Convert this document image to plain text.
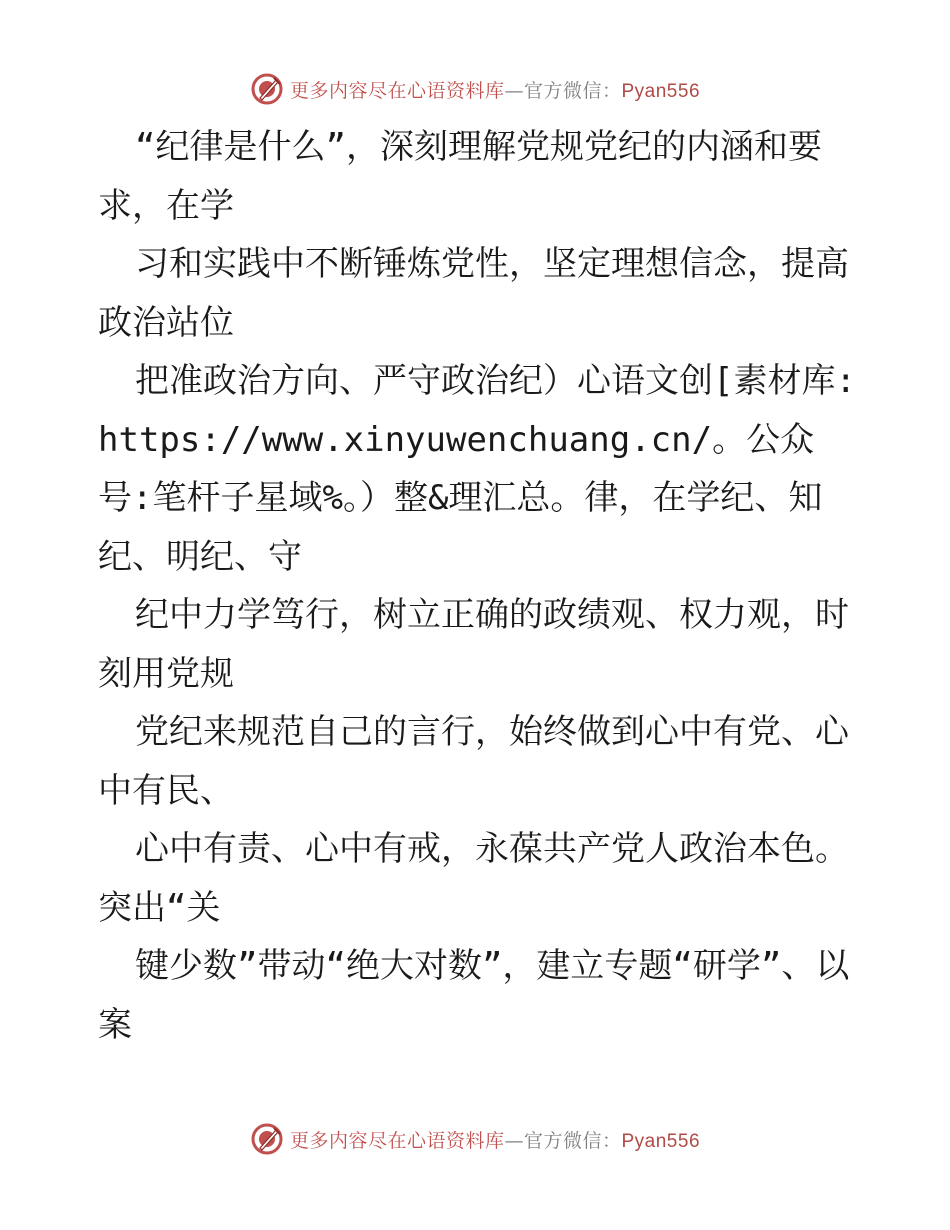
更多内容尽在心语资料库—官方微信：Pyan556

“纪律是什么”，深刻理解党规党纪的内涵和要求，在学

习和实践中不断锤炼党性，坚定理想信念，提高政治站位

把准政治方向、严守政治纪）心语文创[素材库: https://www.xinyuwenchuang.cn/。公众号:笔杆子星域%。）整&理汇总。律，在学纪、知纪、明纪、守

纪中力学笃行，树立正确的政绩观、权力观，时刻用党规

党纪来规范自己的言行，始终做到心中有党、心中有民、

心中有责、心中有戒，永葆共产党人政治本色。突出“关

键少数”带动“绝大对数”，建立专题“研学”、以案

更多内容尽在心语资料库—官方微信：Pyan556
